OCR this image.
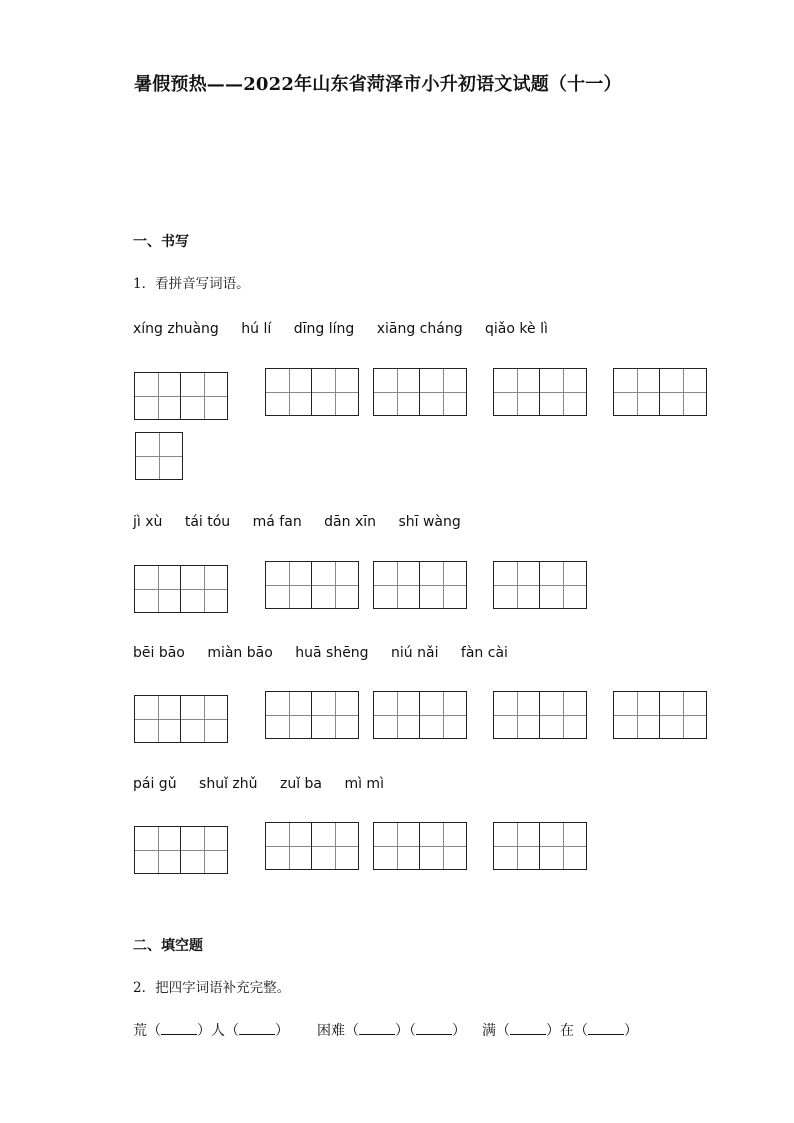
暑假预热——2022年山东省菏泽市小升初语文试题（十一）
一、书写
1．看拼音写词语。
xíng zhuàng hú lí dīng líng xiāng cháng qiǎo kè lì
jì xù tái tóu má fan dān xīn shī wàng
bēi bāo miàn bāo huā shēng niú nǎi fàn cài
pái gǔ shuǐ zhǔ zuǐ ba mì mì
二、填空题
2．把四字词语补充完整。
荒（	）人（	） 困难（	）（	） 满（	）在（	）
